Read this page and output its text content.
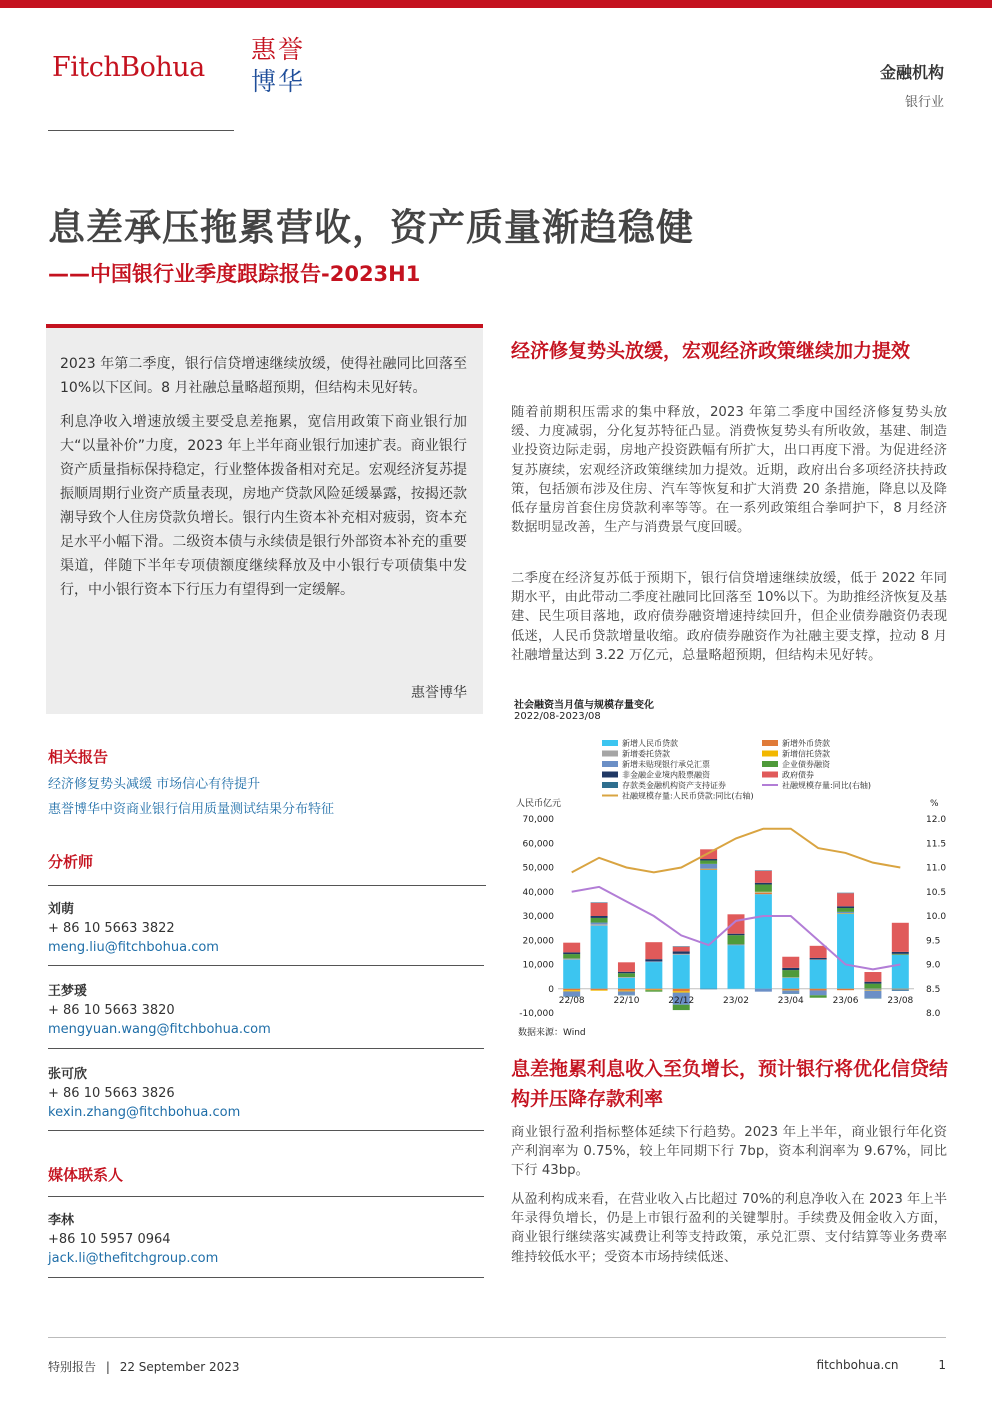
FitchBohua
惠誉
博华	金融机构
银行业
息差承压拖累营收，资产质量渐趋稳健
——中国银行业季度跟踪报告-2023H1

2023 年第二季度，银行信贷增速继续放缓，使得社融同比回落至 10%以下区间。8 月社融总量略超预期，但结构未见好转。

利息净收入增速放缓主要受息差拖累，宽信用政策下商业银行加大“以量补价”力度，2023 年上半年商业银行加速扩表。商业银行资产质量指标保持稳定，行业整体拨备相对充足。宏观经济复苏提振顺周期行业资产质量表现，房地产贷款风险延缓暴露，按揭还款潮导致个人住房贷款负增长。银行内生资本补充相对疲弱，资本充足水平小幅下滑。二级资本债与永续债是银行外部资本补充的重要渠道，伴随下半年专项债额度继续释放及中小银行专项债集中发行，中小银行资本下行压力有望得到一定缓解。

惠誉博华
相关报告
经济修复势头减缓 市场信心有待提升
惠誉博华中资商业银行信用质量测试结果分布特征
分析师
刘萌
+ 86 10 5663 3822
meng.liu@fitchbohua.com
王梦瑗
+ 86 10 5663 3820
mengyuan.wang@fitchbohua.com
张可欣
+ 86 10 5663 3826
kexin.zhang@fitchbohua.com
媒体联系人
李林
+86 10 5957 0964
jack.li@thefitchgroup.com
经济修复势头放缓，宏观经济政策继续加力提效
随着前期积压需求的集中释放，2023 年第二季度中国经济修复势头放缓、力度减弱，分化复苏特征凸显。消费恢复势头有所收敛，基建、制造业投资边际走弱，房地产投资跌幅有所扩大，出口再度下滑。为促进经济复苏赓续，宏观经济政策继续加力提效。近期，政府出台多项经济扶持政策，包括颁布涉及住房、汽车等恢复和扩大消费 20 条措施，降息以及降低存量房首套住房贷款利率等等。在一系列政策组合拳呵护下，8 月经济数据明显改善，生产与消费景气度回暖。
二季度在经济复苏低于预期下，银行信贷增速继续放缓，低于 2022 年同期水平，由此带动二季度社融同比回落至 10%以下。为助推经济恢复及基建、民生项目落地，政府债券融资增速持续回升，但企业债券融资仍表现低迷，人民币贷款增量收缩。政府债券融资作为社融主要支撑，拉动 8 月社融增量达到 3.22 万亿元，总量略超预期，但结构未见好转。
社会融资当月值与规模存量变化
2022/08-2023/08
新增人民币贷款	新增外币贷款
新增委托贷款	新增信托贷款
新增未贴现银行承兑汇票	企业债券融资
非金融企业境内股票融资	政府债券
存款类金融机构资产支持证券	社融规模存量:同比(右轴)
社融规模存量:人民币贷款:同比(右轴)
人民币亿元	%
70,000
60,000
50,000
40,000
30,000
20,000
10,000
0
-10,000
12.0
11.5
11.0
10.5
10.0
9.5
9.0
8.5
8.0
22/08	22/10	22/12	23/02	23/04	23/06	23/08
数据来源：Wind
息差拖累利息收入至负增长，预计银行将优化信贷结构并压降存款利率
商业银行盈利指标整体延续下行趋势。2023 年上半年，商业银行年化资产利润率为 0.75%，较上年同期下行 7bp，资本利润率为 9.67%，同比下行 43bp。
从盈利构成来看，在营业收入占比超过 70%的利息净收入在 2023 年上半年录得负增长，仍是上市银行盈利的关键掣肘。手续费及佣金收入方面，商业银行继续落实减费让利等支持政策，承兑汇票、支付结算等业务费率维持较低水平；受资本市场持续低迷、
特别报告 | 22 September 2023	fitchbohua.cn	1
